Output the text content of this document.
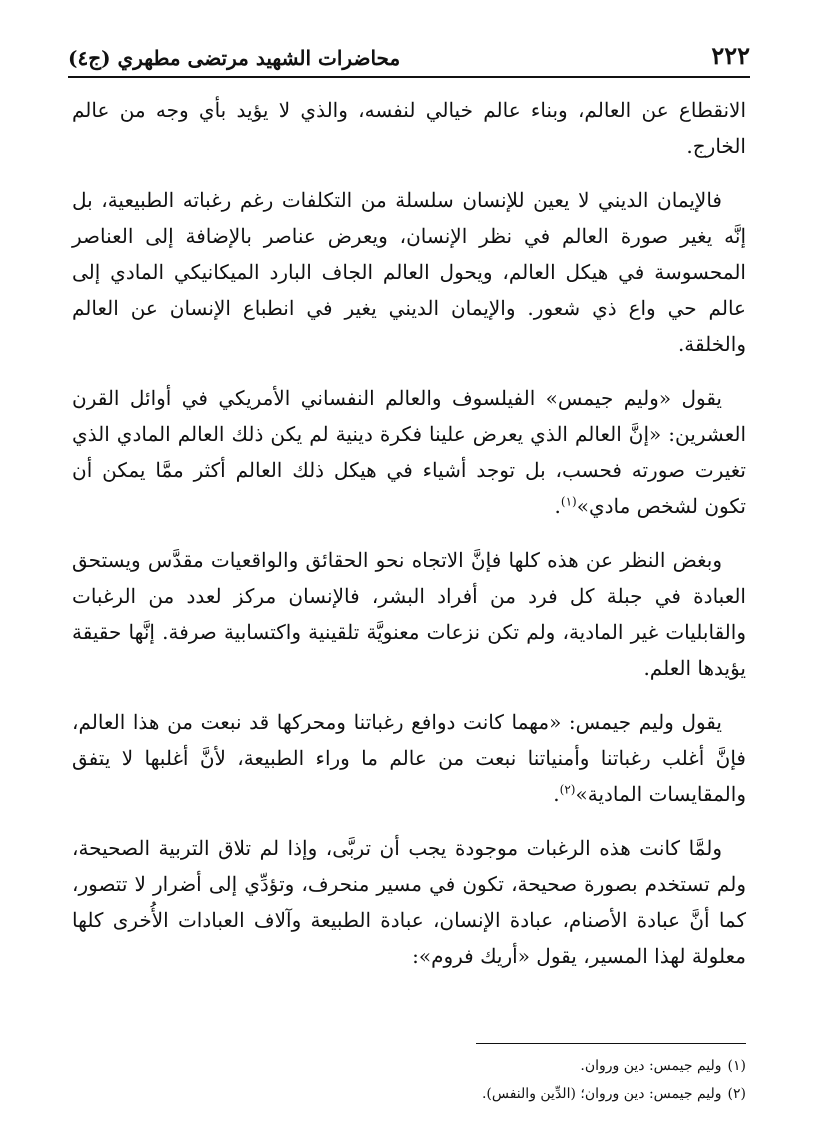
٢٢٢
محاضرات الشهيد مرتضى مطهري (ج٤)

الانقطاع عن العالم، وبناء عالم خيالي لنفسه، والذي لا يؤيد بأي وجه من عالم الخارج.

فالإيمان الديني لا يعين للإنسان سلسلة من التكلفات رغم رغباته الطبيعية، بل إنَّه يغير صورة العالم في نظر الإنسان، ويعرض عناصر بالإضافة إلى العناصر المحسوسة في هيكل العالم، ويحول العالم الجاف البارد الميكانيكي المادي إلى عالم حي واع ذي شعور. والإيمان الديني يغير في انطباع الإنسان عن العالم والخلقة.

يقول «وليم جيمس» الفيلسوف والعالم النفساني الأمريكي في أوائل القرن العشرين: «إنَّ العالم الذي يعرض علينا فكرة دينية لم يكن ذلك العالم المادي الذي تغيرت صورته فحسب، بل توجد أشياء في هيكل ذلك العالم أكثر ممَّا يمكن أن تكون لشخص مادي»$^{(١)}$.

وبغض النظر عن هذه كلها فإنَّ الاتجاه نحو الحقائق والواقعيات مقدَّس ويستحق العبادة في جبلة كل فرد من أفراد البشر، فالإنسان مركز لعدد من الرغبات والقابليات غير المادية، ولم تكن نزعات معنويَّة تلقينية واكتسابية صرفة. إنَّها حقيقة يؤيدها العلم.

يقول وليم جيمس: «مهما كانت دوافع رغباتنا ومحركها قد نبعت من هذا العالم، فإنَّ أغلب رغباتنا وأمنياتنا نبعت من عالم ما وراء الطبيعة، لأنَّ أغلبها لا يتفق والمقايسات المادية»$^{(٢)}$.

ولمَّا كانت هذه الرغبات موجودة يجب أن تربَّى، وإذا لم تلاق التربية الصحيحة، ولم تستخدم بصورة صحيحة، تكون في مسير منحرف، وتؤدِّي إلى أضرار لا تتصور، كما أنَّ عبادة الأصنام، عبادة الإنسان، عبادة الطبيعة وآلاف العبادات الأُخرى كلها معلولة لهذا المسير، يقول «أريك فروم»:

(١)
وليم جيمس: دين وروان.
(٢)
وليم جيمس: دين وروان؛ (الدِّين والنفس).
